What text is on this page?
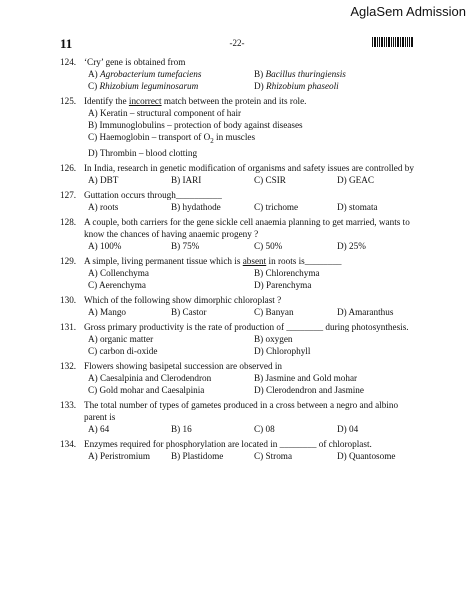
AglaSem Admission
11	-22-
124. ‘Cry’ gene is obtained from
A) Agrobacterium tumefaciens	B) Bacillus thuringiensis
C) Rhizobium leguminosarum	D) Rhizobium phaseoli
125. Identify the incorrect match between the protein and its role.
A) Keratin – structural component of hair
B) Immunoglobulins – protection of body against diseases
C) Haemoglobin – transport of $O_2$ in muscles
D) Thrombin – blood clotting
126. In India, research in genetic modification of organisms and safety issues are controlled by
A) DBT	B) IARI	C) CSIR	D) GEAC
127. Guttation occurs through__________
A) roots	B) hydathode	C) trichome	D) stomata
128. A couple, both carriers for the gene sickle cell anaemia planning to get married, wants to know the chances of having anaemic progeny ?
A) 100%	B) 75%	C) 50%	D) 25%
129. A simple, living permanent tissue which is absent in roots is________
A) Collenchyma	B) Chlorenchyma
C) Aerenchyma	D) Parenchyma
130. Which of the following show dimorphic chloroplast ?
A) Mango	B) Castor	C) Banyan	D) Amaranthus
131. Gross primary productivity is the rate of production of ________ during photosynthesis.
A) organic matter	B) oxygen
C) carbon di-oxide	D) Chlorophyll
132. Flowers showing basipetal succession are observed in
A) Caesalpinia and Clerodendron	B) Jasmine and Gold mohar
C) Gold mohar and Caesalpinia	D) Clerodendron and Jasmine
133. The total number of types of gametes produced in a cross between a negro and albino parent is
A) 64	B) 16	C) 08	D) 04
134. Enzymes required for phosphorylation are located in ________ of chloroplast.
A) Peristromium	B) Plastidome	C) Stroma	D) Quantosome
